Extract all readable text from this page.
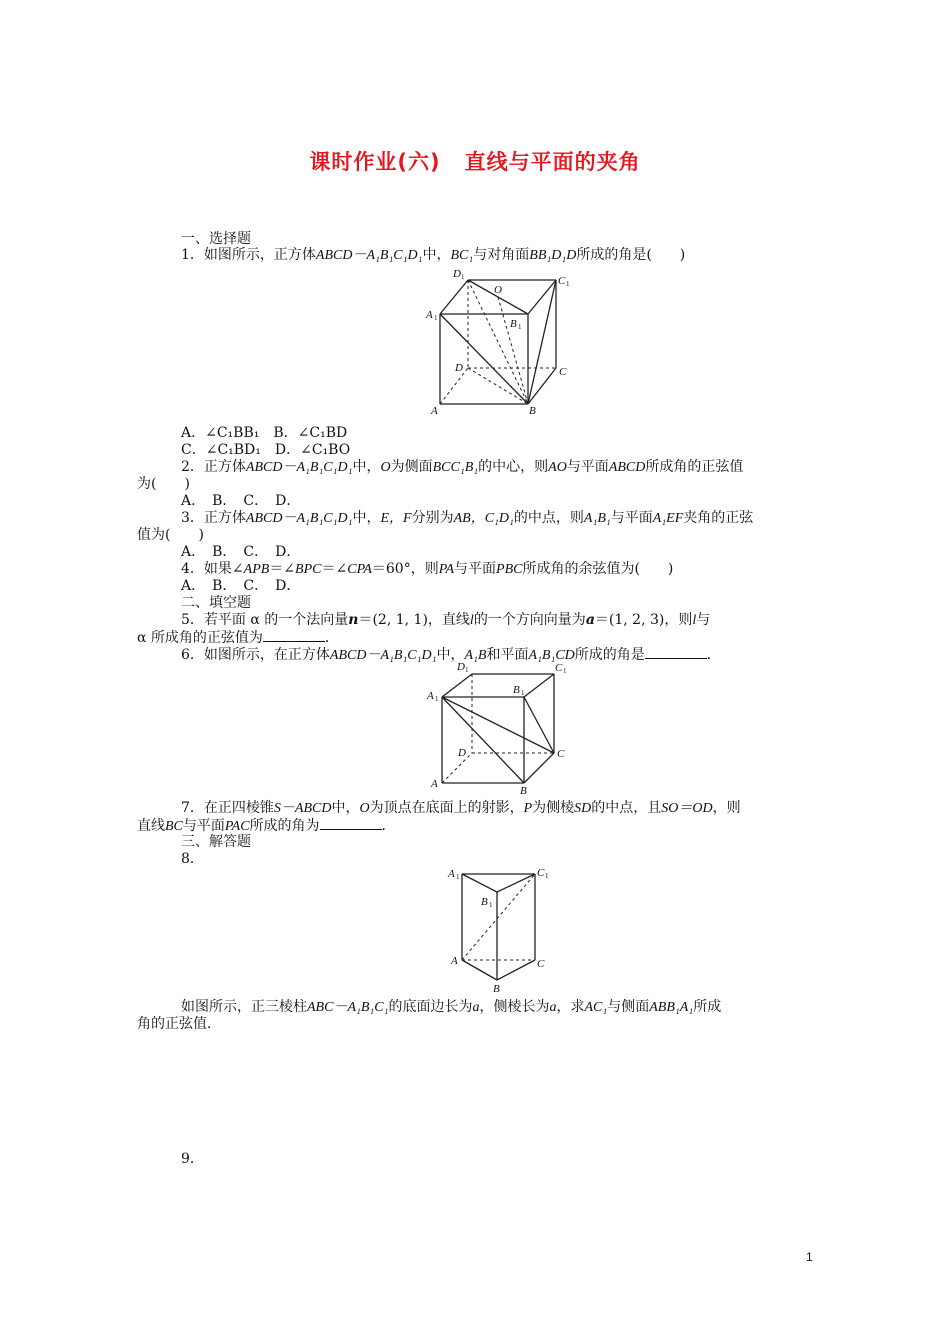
课时作业(六) 直线与平面的夹角
一、选择题
1．如图所示，正方体ABCD－A₁B₁C₁D₁中，BC₁与对角面BB₁D₁D所成的角是(　　)
D 1	C 1
O
A 1	B 1
D	C
A	B
A．∠C₁BB₁ B．∠C₁BD
C．∠C₁BD₁ D．∠C₁BO
2．正方体ABCD－A₁B₁C₁D₁中，O为侧面BCC₁B₁的中心，则AO与平面ABCD所成角的正弦值
为(　　)
A．　B．　C．　D．
3．正方体ABCD－A₁B₁C₁D₁中，E，F分别为AB，C₁D₁的中点，则A₁B₁与平面A₁EF夹角的正弦
值为(　　)
A．　B．　C．　D．
4．如果∠APB＝∠BPC＝∠CPA＝60°，则PA与平面PBC所成角的余弦值为(　　)
A．　B．　C．　D．
二、填空题
5．若平面 α 的一个法向量n＝(2, 1, 1)，直线l的一个方向向量为a＝(1, 2, 3)，则l与
α 所成角的正弦值为	．
6．如图所示，在正方体ABCD－A₁B₁C₁D₁中，A₁B和平面A₁B₁CD所成的角是	．
D 1	C 1
A 1
B 1
D	C
A
B
7．在正四棱锥S－ABCD中，O为顶点在底面上的射影，P为侧棱SD的中点，且SO＝OD，则
直线BC与平面PAC所成的角为	．
三、解答题
8．
A 1	C 1
B 1
A	C
B
如图所示，正三棱柱ABC－A₁B₁C₁的底面边长为a，侧棱长为a，求AC₁与侧面ABB₁A₁所成
角的正弦值．
9．
1
